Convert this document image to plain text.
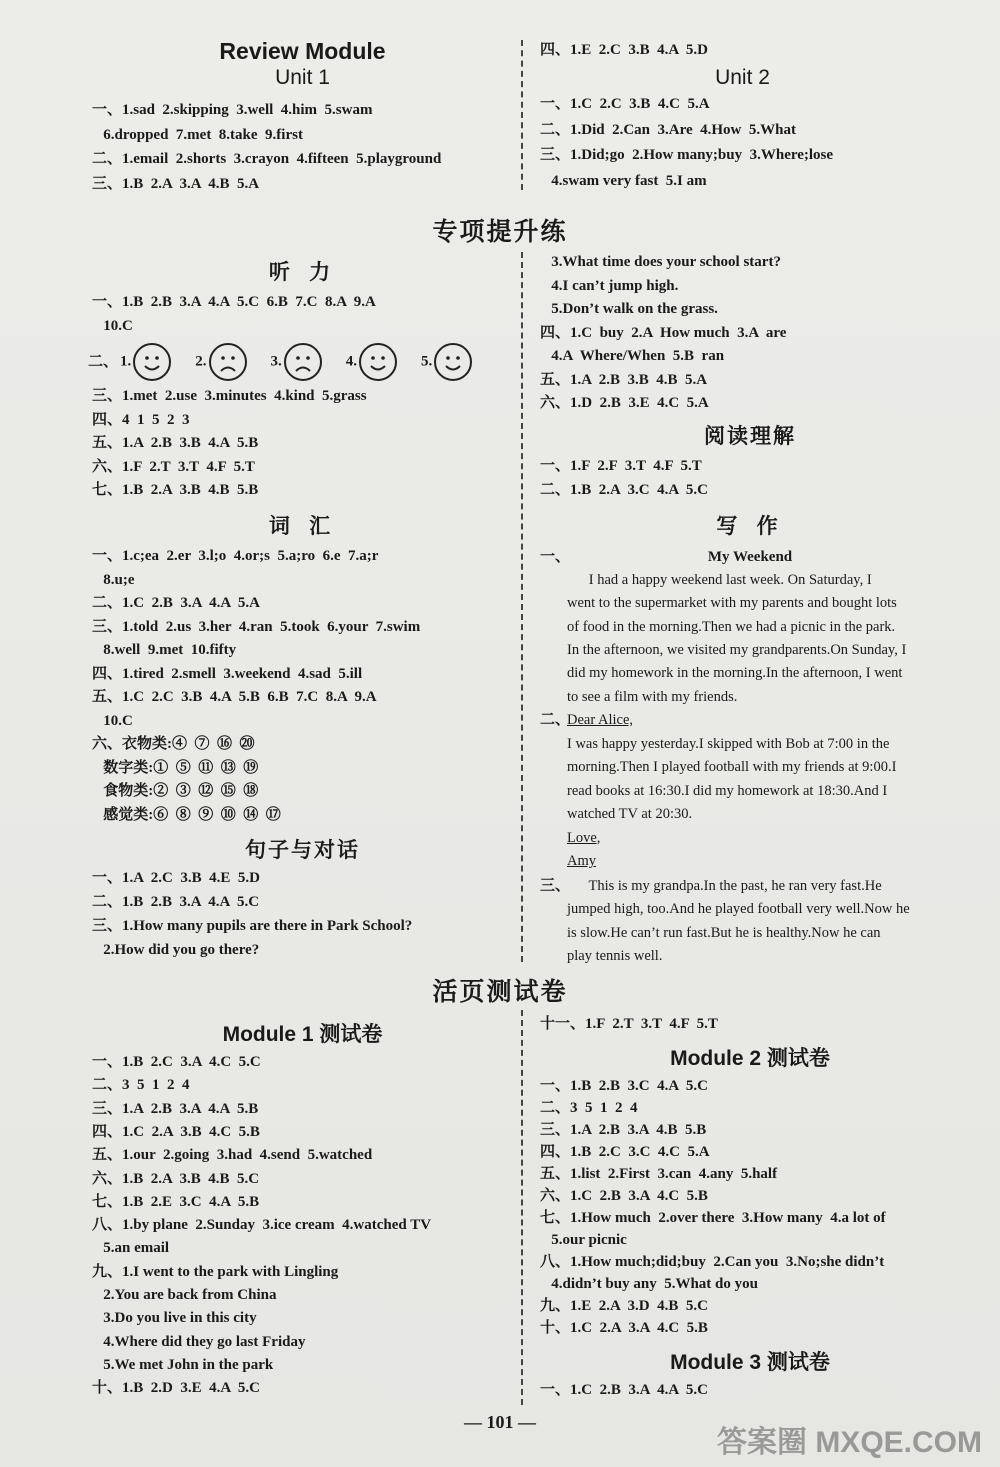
Review Module
Unit 1
一、1.sad  2.skipping  3.well  4.him  5.swam
6.dropped  7.met  8.take  9.first
二、1.email  2.shorts  3.crayon  4.fifteen  5.playground
三、1.B  2.A  3.A  4.B  5.A
四、1.E  2.C  3.B  4.A  5.D
Unit 2
一、1.C  2.C  3.B  4.C  5.A
二、1.Did  2.Can  3.Are  4.How  5.What
三、1.Did;go  2.How many;buy  3.Where;lose
4.swam very fast  5.I am
专项提升练
听 力
一、1.B  2.B  3.A  4.A  5.C  6.B  7.C  8.A  9.A
10.C
二、 1.	2.	3.	4.	5.
三、1.met  2.use  3.minutes  4.kind  5.grass
四、4  1  5  2  3
五、1.A  2.B  3.B  4.A  5.B
六、1.F  2.T  3.T  4.F  5.T
七、1.B  2.A  3.B  4.B  5.B
词 汇
一、1.c;ea  2.er  3.l;o  4.or;s  5.a;ro  6.e  7.a;r
8.u;e
二、1.C  2.B  3.A  4.A  5.A
三、1.told  2.us  3.her  4.ran  5.took  6.your  7.swim
8.well  9.met  10.fifty
四、1.tired  2.smell  3.weekend  4.sad  5.ill
五、1.C  2.C  3.B  4.A  5.B  6.B  7.C  8.A  9.A
10.C
六、衣物类:④  ⑦  ⑯  ⑳
数字类:①  ⑤  ⑪  ⑬  ⑲
食物类:②  ③  ⑫  ⑮  ⑱
感觉类:⑥  ⑧  ⑨  ⑩  ⑭  ⑰
句子与对话
一、1.A  2.C  3.B  4.E  5.D
二、1.B  2.B  3.A  4.A  5.C
三、1.How many pupils are there in Park School?
2.How did you go there?
3.What time does your school start?
4.I can’t jump high.
5.Don’t walk on the grass.
四、1.C  buy  2.A  How much  3.A  are
4.A  Where/When  5.B  ran
五、1.A  2.B  3.B  4.B  5.A
六、1.D  2.B  3.E  4.C  5.A
阅读理解
一、1.F  2.F  3.T  4.F  5.T
二、1.B  2.A  3.C  4.A  5.C
写 作
一、	My Weekend
I had a happy weekend last week. On Saturday, I
went to the supermarket with my parents and bought lots
of food in the morning.Then we had a picnic in the park.
In the afternoon, we visited my grandparents.On Sunday, I
did my homework in the morning.In the afternoon, I went
to see a film with my friends.
二、
Dear Alice,
I was happy yesterday.I skipped with Bob at 7:00 in the
morning.Then I played football with my friends at 9:00.I
read books at 16:30.I did my homework at 18:30.And I
watched TV at 20:30.
Love,
Amy
三、
This is my grandpa.In the past, he ran very fast.He
jumped high, too.And he played football very well.Now he
is slow.He can’t run fast.But he is healthy.Now he can
play tennis well.
活页测试卷
Module 1 测试卷
一、1.B  2.C  3.A  4.C  5.C
二、3  5  1  2  4
三、1.A  2.B  3.A  4.A  5.B
四、1.C  2.A  3.B  4.C  5.B
五、1.our  2.going  3.had  4.send  5.watched
六、1.B  2.A  3.B  4.B  5.C
七、1.B  2.E  3.C  4.A  5.B
八、1.by plane  2.Sunday  3.ice cream  4.watched TV
5.an email
九、1.I went to the park with Lingling
2.You are back from China
3.Do you live in this city
4.Where did they go last Friday
5.We met John in the park
十、1.B  2.D  3.E  4.A  5.C
十一、1.F  2.T  3.T  4.F  5.T
Module 2 测试卷
一、1.B  2.B  3.C  4.A  5.C
二、3  5  1  2  4
三、1.A  2.B  3.A  4.B  5.B
四、1.B  2.C  3.C  4.C  5.A
五、1.list  2.First  3.can  4.any  5.half
六、1.C  2.B  3.A  4.C  5.B
七、1.How much  2.over there  3.How many  4.a lot of
5.our picnic
八、1.How much;did;buy  2.Can you  3.No;she didn’t
4.didn’t buy any  5.What do you
九、1.E  2.A  3.D  4.B  5.C
十、1.C  2.A  3.A  4.C  5.B
Module 3 测试卷
一、1.C  2.B  3.A  4.A  5.C
— 101 —
答案圈 MXQE.COM
